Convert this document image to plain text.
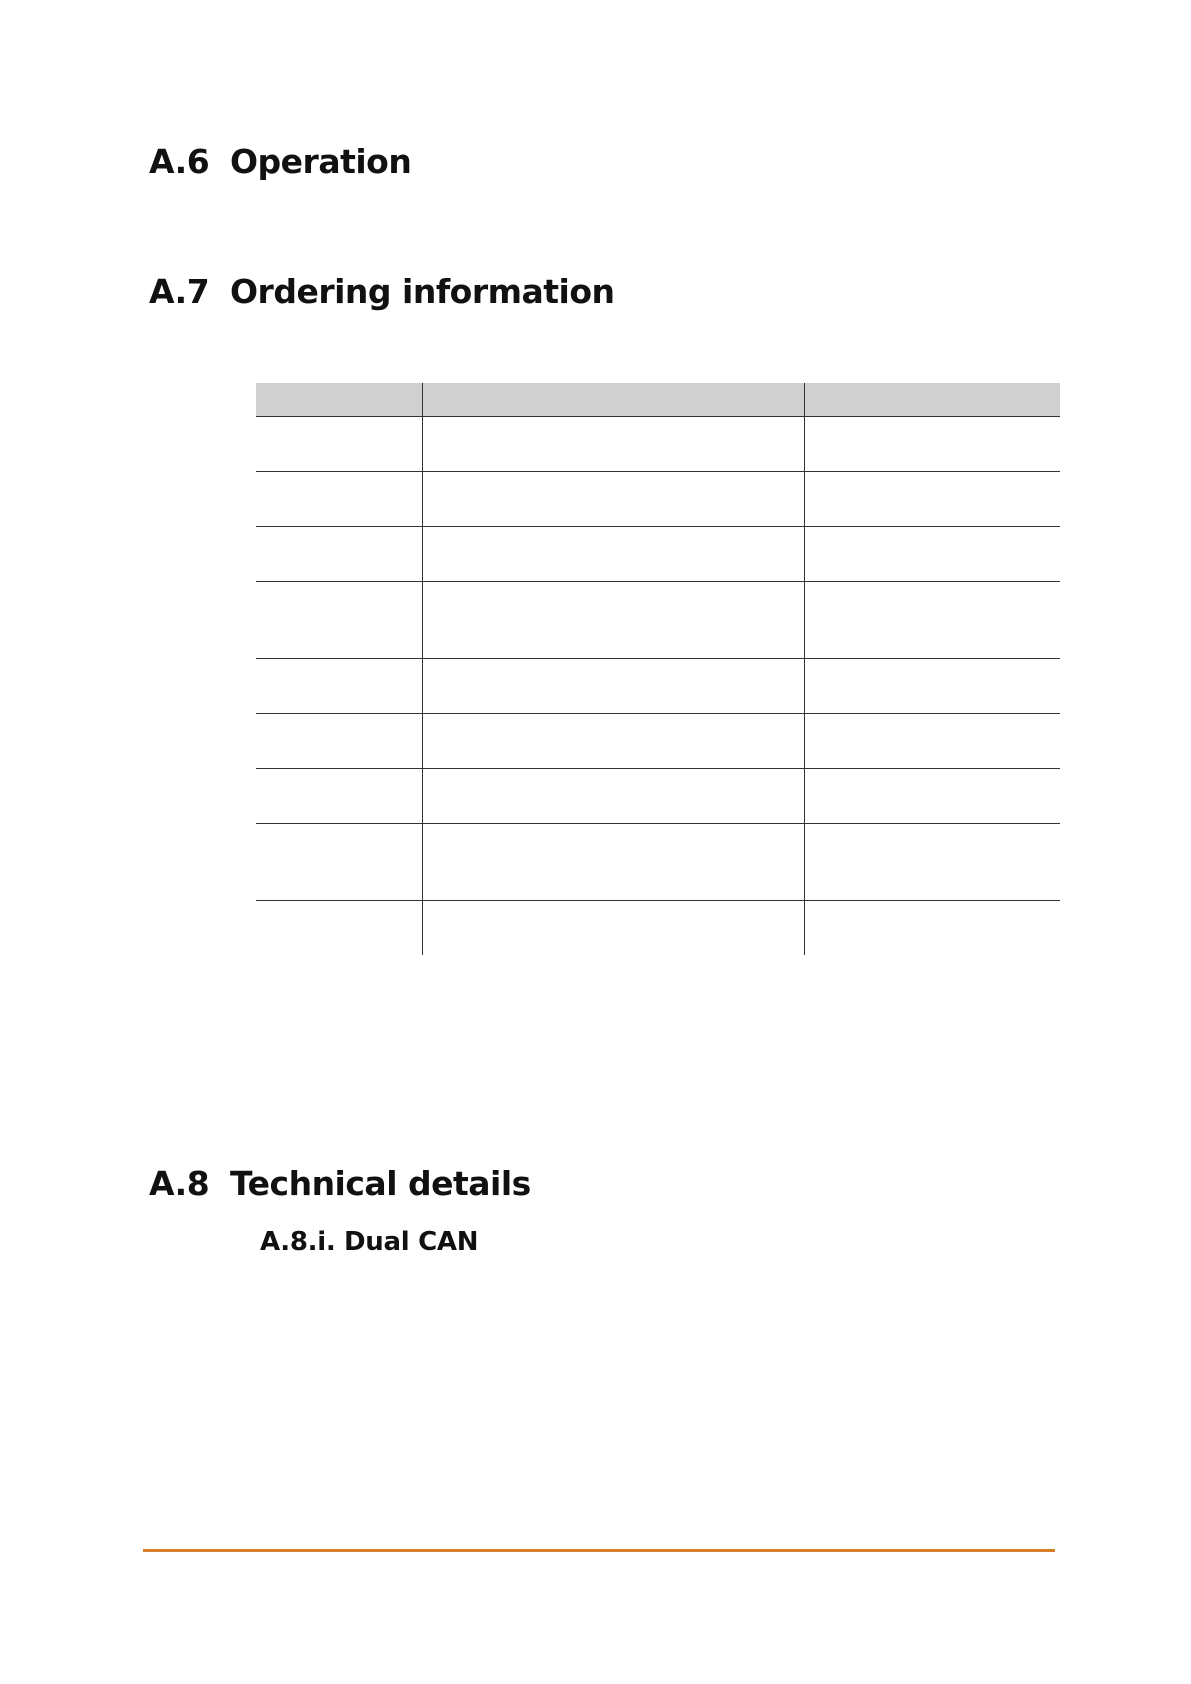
A.6 Operation
A.7 Ordering information

A.8 Technical details
A.8.i. Dual CAN
